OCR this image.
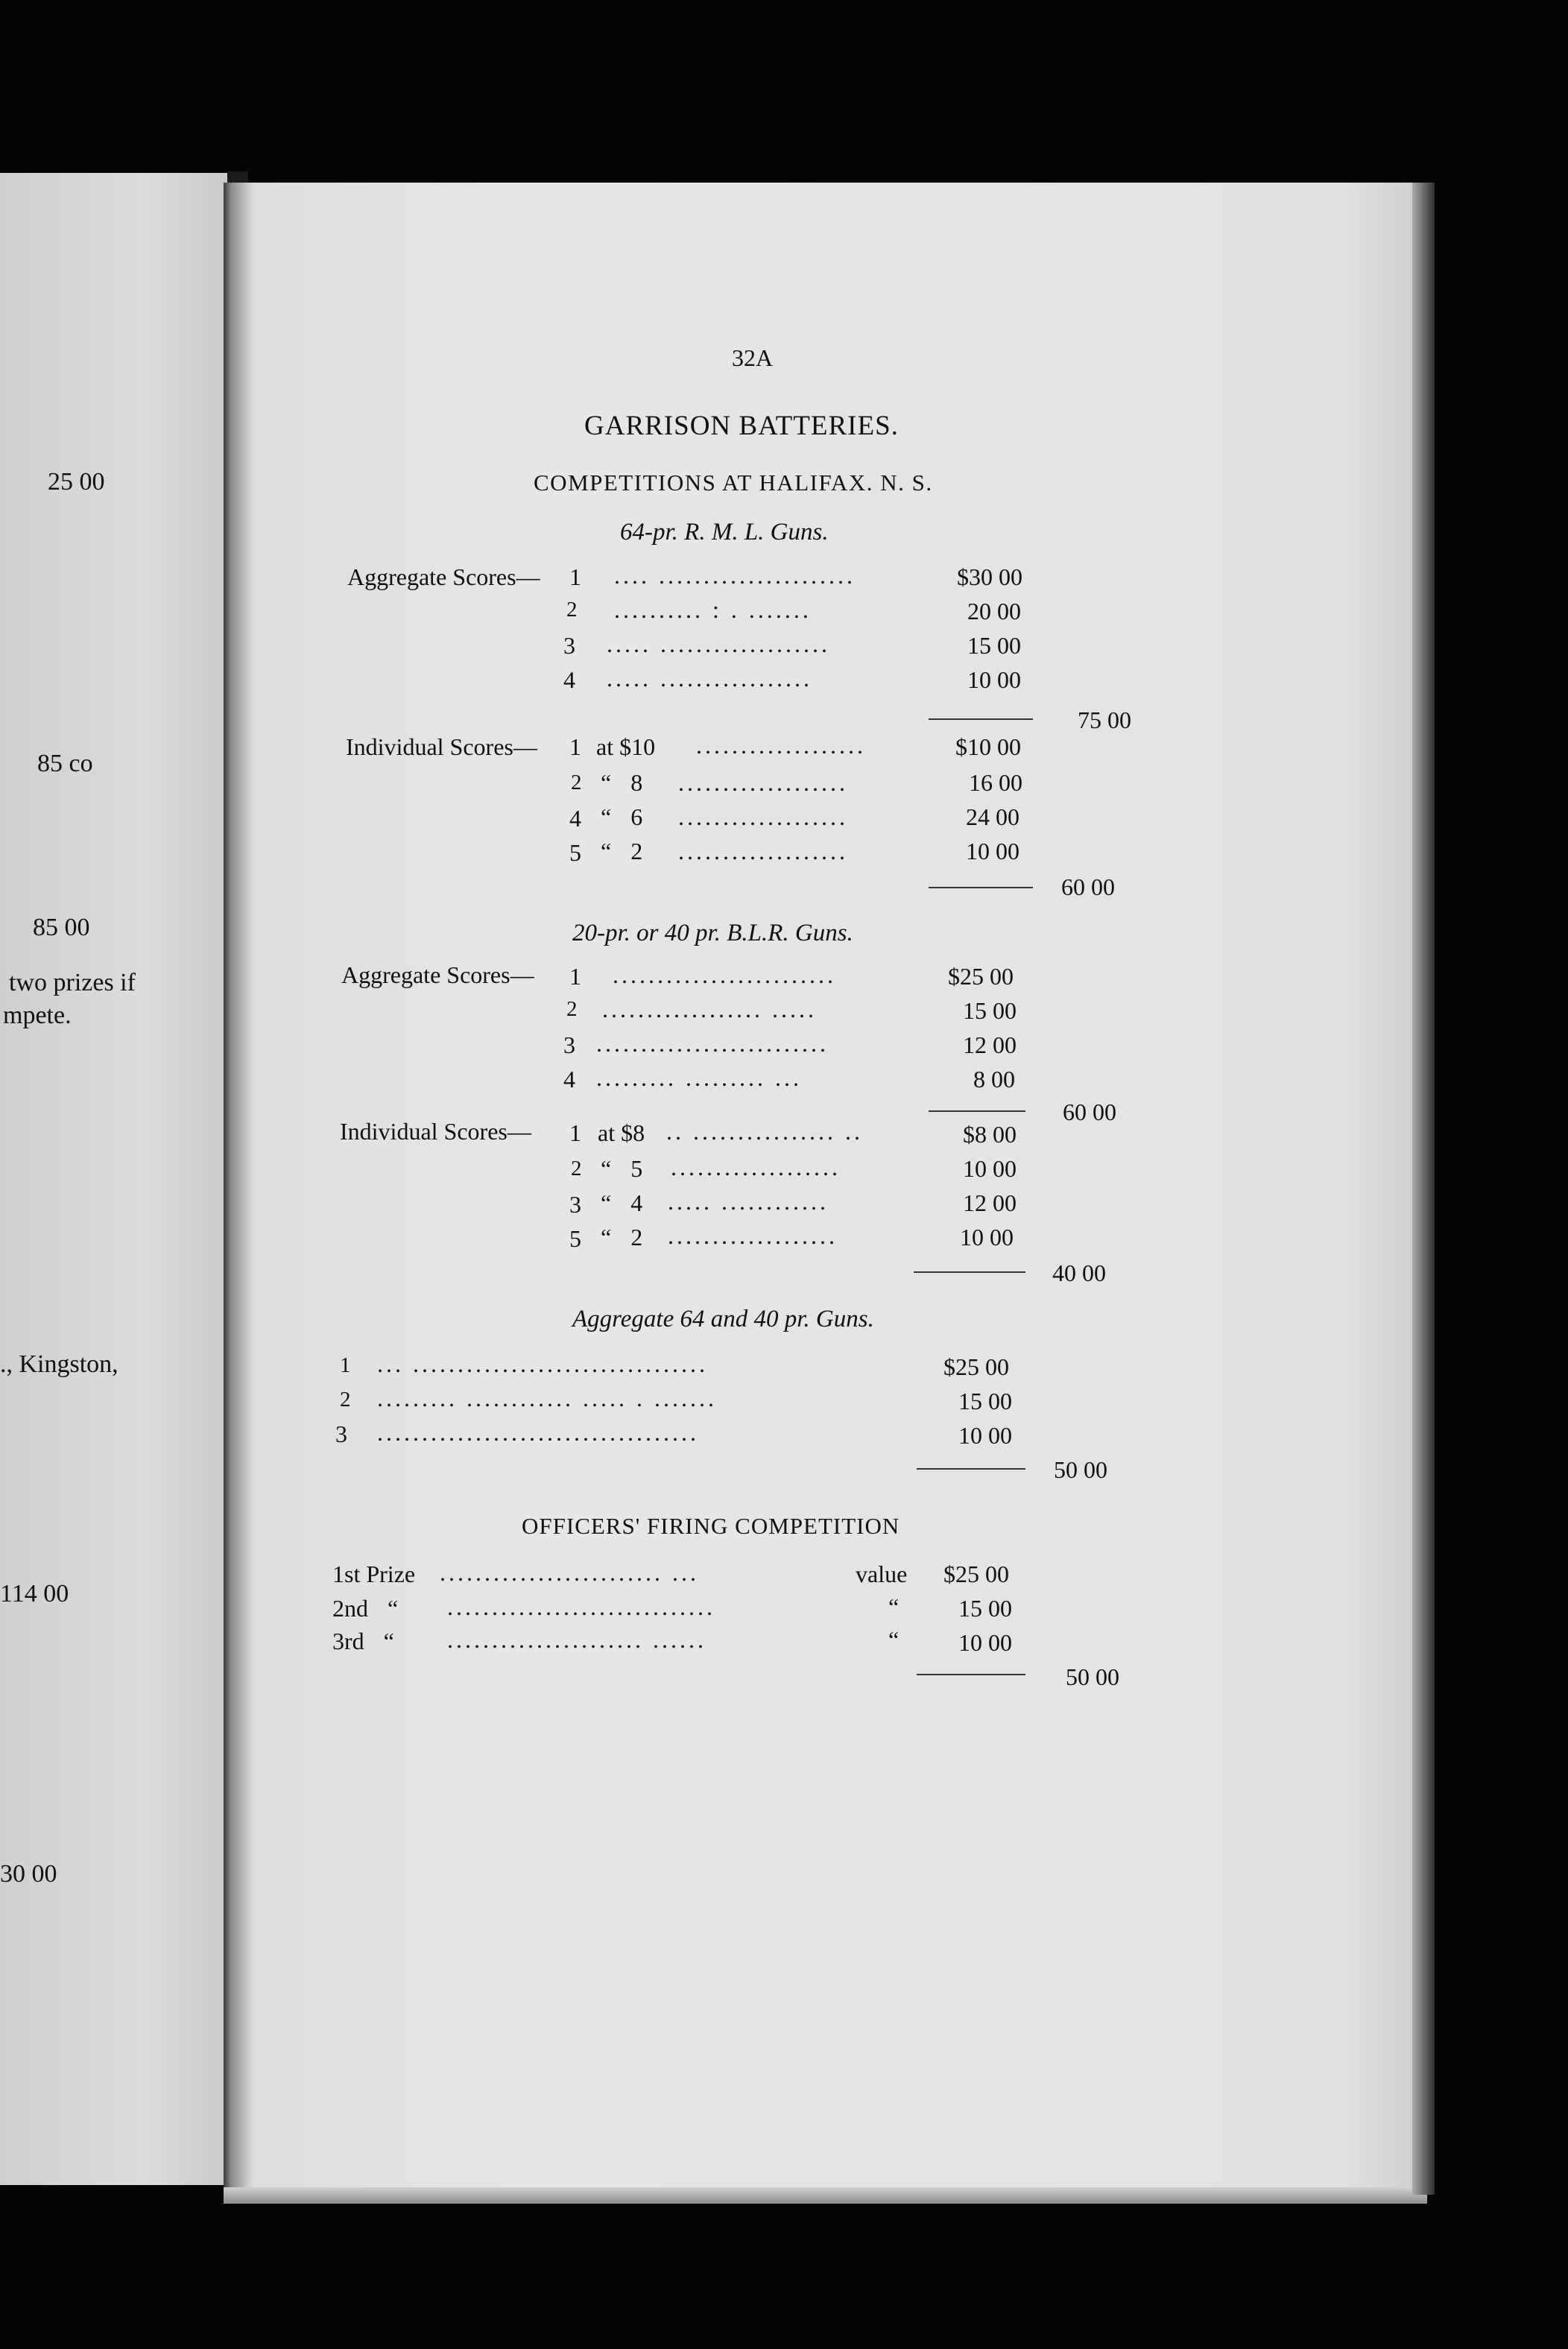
25 00
85 co
85 00
two prizes if
mpete.
., Kingston,
114 00
30 00
32A
GARRISON BATTERIES.
COMPETITIONS AT HALIFAX. N. S.
64-pr. R. M. L. Guns.
Aggregate Scores— 1
2
3
4
.... ......................
.......... : . .......
..... ...................
..... .................
$30 00
20 00
15 00
10 00
75 00
Individual Scores— 1
2
4
5
at $10
“ 8
“ 6
“ 2
...................
...................
...................
...................
$10 00
16 00
24 00
10 00
60 00
20-pr. or 40 pr. B.L.R. Guns.
Aggregate Scores— 1
2
3
4
.........................
.................. .....
..........................
......... ......... ...
$25 00
15 00
12 00
8 00
60 00
Individual Scores— 1
2
3
5
at $8
“ 5
“ 4
“ 2
.. ................ ..
...................
..... ............
...................
$8 00
10 00
12 00
10 00
40 00
Aggregate 64 and 40 pr. Guns.
1
2
3
... .................................
......... ............ ..... . .......
....................................
$25 00
15 00
10 00
50 00
OFFICERS' FIRING COMPETITION
1st Prize
2nd “
3rd “
......................... ...
..............................
...................... ......
value
“
“
$25 00
15 00
10 00
50 00
